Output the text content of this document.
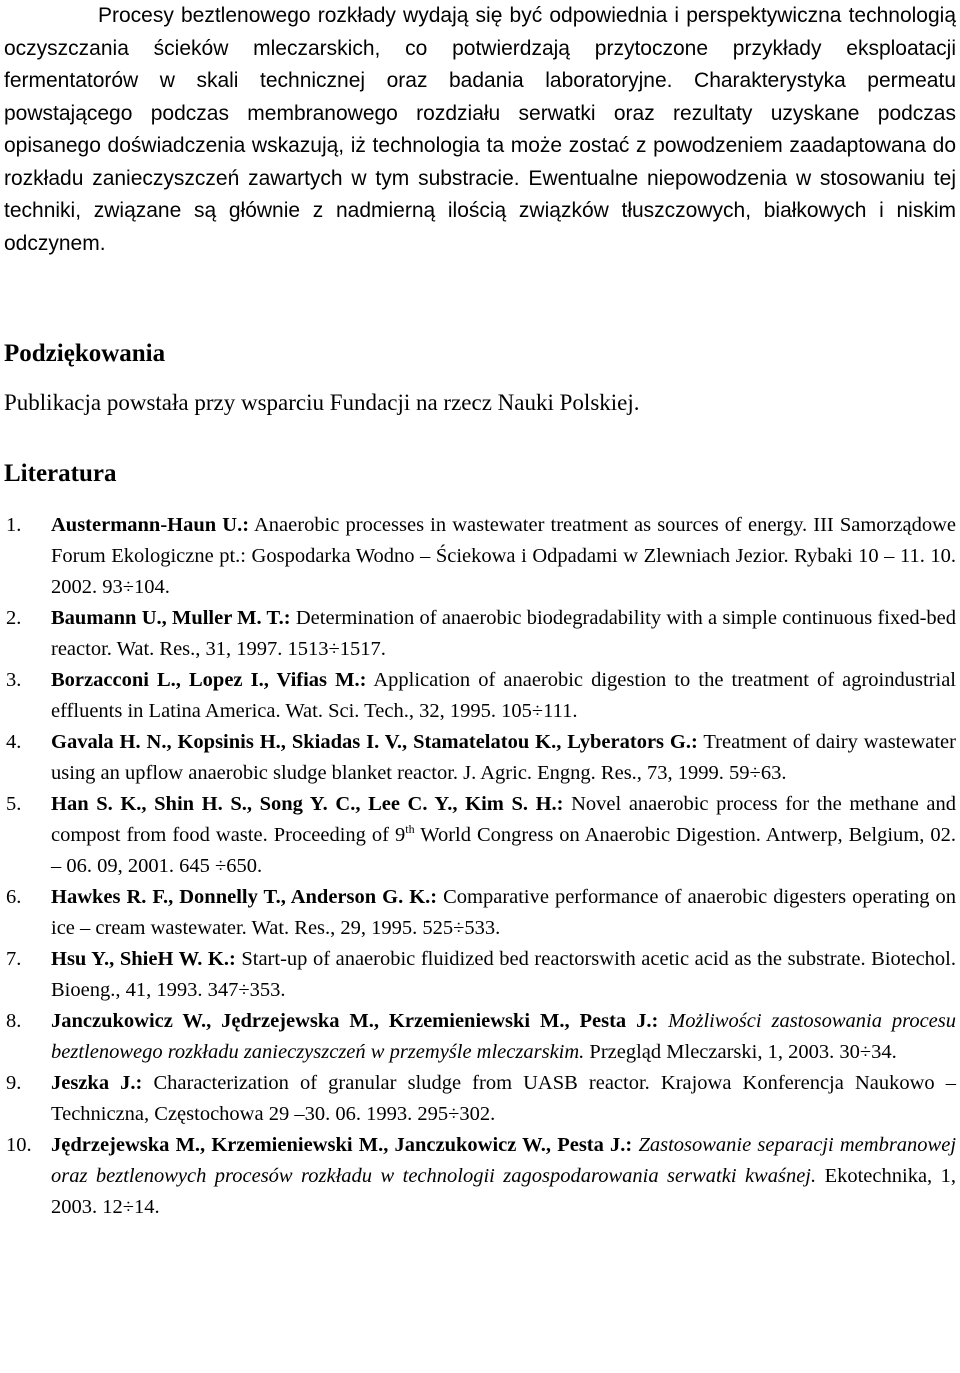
Procesy beztlenowego rozkłady wydają się być odpowiednia i perspektywiczna technologią oczyszczania ścieków mleczarskich, co potwierdzają przytoczone przykłady eksploatacji fermentatorów w skali technicznej oraz badania laboratoryjne. Charakterystyka permeatu powstającego podczas membranowego rozdziału serwatki oraz rezultaty uzyskane podczas opisanego doświadczenia wskazują, iż technologia ta może zostać z powodzeniem zaadaptowana do rozkładu zanieczyszczeń zawartych w tym substracie. Ewentualne niepowodzenia w stosowaniu tej techniki, związane są głównie z nadmierną ilością związków tłuszczowych, białkowych i niskim odczynem.

Podziękowania

Publikacja powstała przy wsparciu Fundacji na rzecz Nauki Polskiej.

Literatura
1. Austermann-Haun U.: Anaerobic processes in wastewater treatment as sources of energy. III Samorządowe Forum Ekologiczne pt.: Gospodarka Wodno – Ściekowa i Odpadami w Zlewniach Jezior. Rybaki 10 – 11. 10. 2002. 93÷104.
2. Baumann U., Muller M. T.: Determination of anaerobic biodegradability with a simple continuous fixed-bed reactor. Wat. Res., 31, 1997. 1513÷1517.
3. Borzacconi L., Lopez I., Vifias M.: Application of anaerobic digestion to the treatment of agroindustrial effluents in Latina America. Wat. Sci. Tech., 32, 1995. 105÷111.
4. Gavala H. N., Kopsinis H., Skiadas I. V., Stamatelatou K., Lyberators G.: Treatment of dairy wastewater using an upflow anaerobic sludge blanket reactor. J. Agric. Engng. Res., 73, 1999. 59÷63.
5. Han S. K., Shin H. S., Song Y. C., Lee C. Y., Kim S. H.: Novel anaerobic process for the methane and compost from food waste. Proceeding of 9th World Congress on Anaerobic Digestion. Antwerp, Belgium, 02. – 06. 09, 2001. 645 ÷650.
6. Hawkes R. F., Donnelly T., Anderson G. K.: Comparative performance of anaerobic digesters operating on ice – cream wastewater. Wat. Res., 29, 1995. 525÷533.
7. Hsu Y., ShieH W. K.: Start-up of anaerobic fluidized bed reactorswith acetic acid as the substrate. Biotechol. Bioeng., 41, 1993. 347÷353.
8. Janczukowicz W., Jędrzejewska M., Krzemieniewski M., Pesta J.: Możliwości zastosowania procesu beztlenowego rozkładu zanieczyszczeń w przemyśle mleczarskim. Przegląd Mleczarski, 1, 2003. 30÷34.
9. Jeszka J.: Characterization of granular sludge from UASB reactor. Krajowa Konferencja Naukowo – Techniczna, Częstochowa 29 –30. 06. 1993. 295÷302.
10. Jędrzejewska M., Krzemieniewski M., Janczukowicz W., Pesta J.: Zastosowanie separacji membranowej oraz beztlenowych procesów rozkładu w technologii zagospodarowania serwatki kwaśnej. Ekotechnika, 1, 2003. 12÷14.
